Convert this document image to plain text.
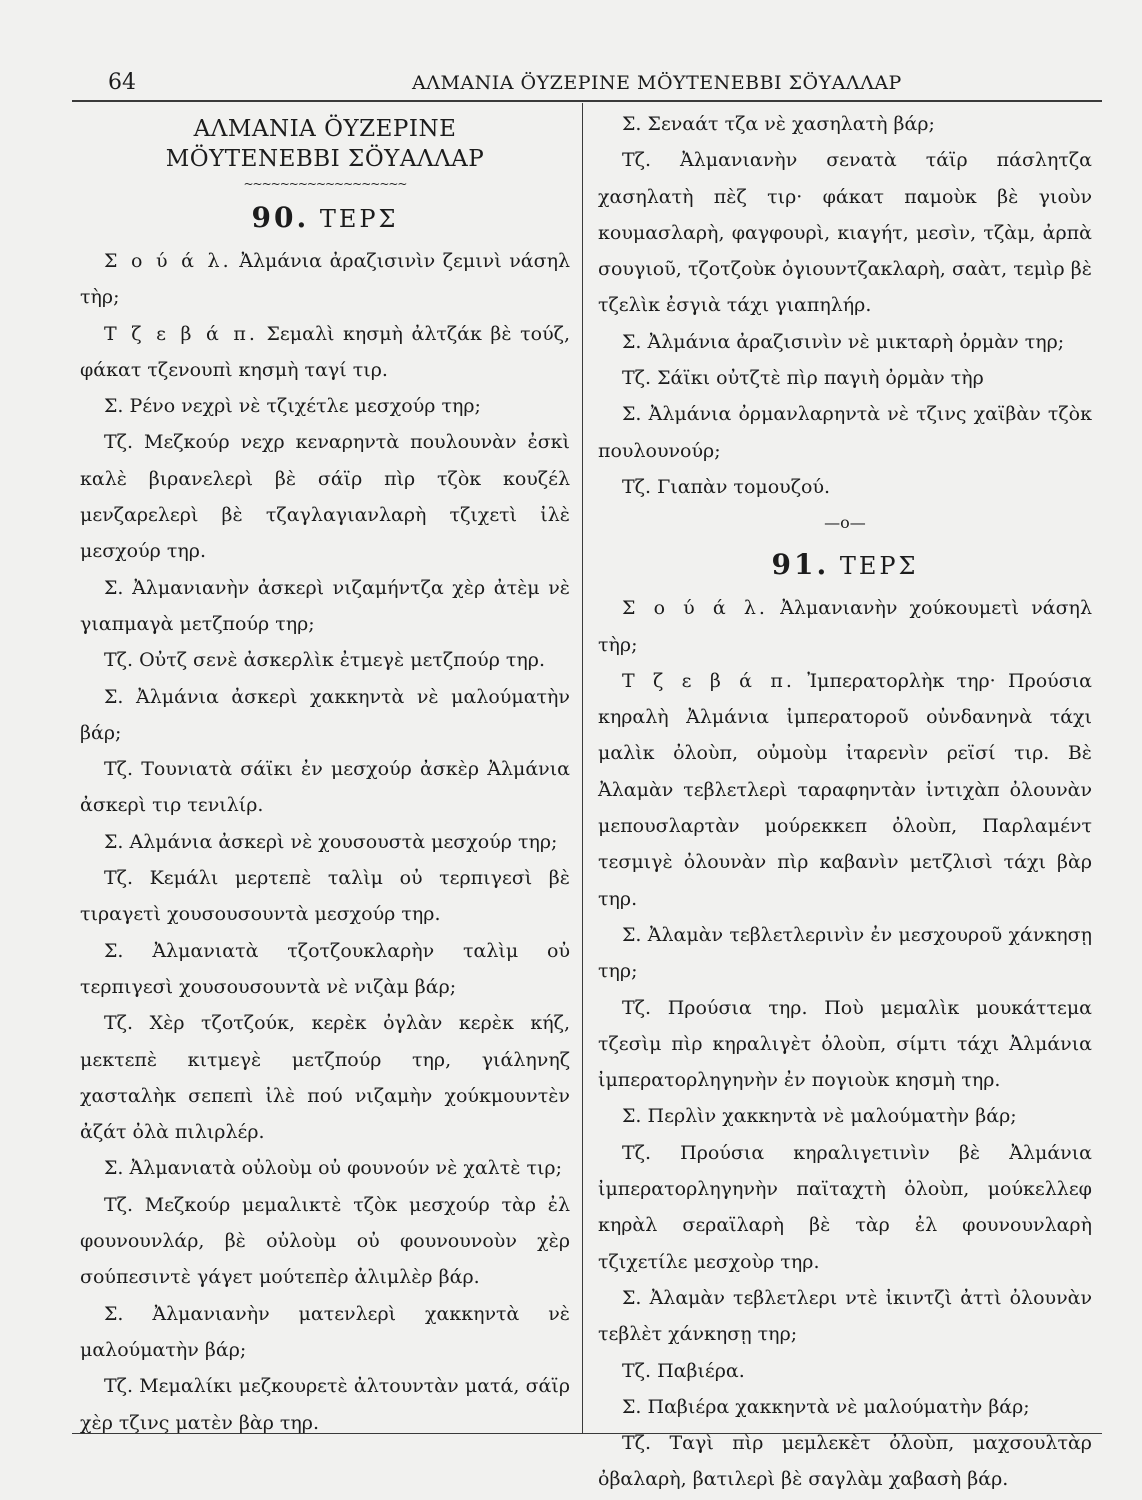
64	ΑΛΜΑΝΙΑ ÖΥΖΕΡΙΝΕ ΜÖΥΤΕΝΕΒΒΙ ΣÖΥΑΛΛΑΡ
ΑΛΜΑΝΙΑ ÖΥΖΕΡΙΝΕ
ΜÖΥΤΕΝΕΒΒΙ ΣÖΥΑΛΛΑΡ
~~~~~~~~~~~~~~~~~~
90. ΤΕΡΣ

Σ ο ύ ά λ. Ἀλμάνια ἀραζισινὶν ζεμινὶ νάσηλ τὴρ;

Τ ζ ε β ά π. Σεμαλὶ κησμὴ ἀλτζάκ βὲ τούζ, φάκατ τζενουπὶ κησμὴ ταγί τιρ.

Σ. Ρένο νεχρὶ νὲ τζιχέτλε μεσχούρ τηρ;

Τζ. Μεζκούρ νεχρ κεναρηντὰ πουλουνὰν ἐσκὶ καλὲ βιρανελερὶ βὲ σάϊρ πὶρ τζὸκ κουζέλ μενζαρελερὶ βὲ τζαγλαγιανλαρὴ τζιχετὶ ἰλὲ μεσχούρ τηρ.

Σ. Ἀλμανιανὴν ἀσκερὶ νιζαμήντζα χὲρ ἀτὲμ νὲ γιαπμαγὰ μετζπούρ τηρ;

Τζ. Οὐτζ σενὲ ἀσκερλὶκ ἐτμεγὲ μετζπούρ τηρ.

Σ. Ἀλμάνια ἀσκερὶ χακκηντὰ νὲ μαλούματὴν βάρ;

Τζ. Τουνιατὰ σάϊκι ἐν μεσχούρ ἀσκὲρ Ἀλμάνια ἀσκερὶ τιρ τενιλίρ.

Σ. Αλμάνια ἀσκερὶ νὲ χουσουστὰ μεσχούρ τηρ;

Τζ. Κεμάλι μερτεπὲ ταλὶμ οὐ τερπιγεσὶ βὲ τιραγετὶ χουσουσουντὰ μεσχούρ τηρ.

Σ. Ἀλμανιατὰ τζοτζουκλαρὴν ταλὶμ οὐ τερπιγεσὶ χουσουσουντὰ νὲ νιζὰμ βάρ;

Τζ. Χὲρ τζοτζούκ, κερὲκ ὀγλὰν κερὲκ κήζ, μεκτεπὲ κιτμεγὲ μετζπούρ τηρ, γιάληνηζ χασταλὴκ σεπεπὶ ἰλὲ πού νιζαμὴν χούκμουντὲν ἀζάτ ὀλὰ πιλιρλέρ.

Σ. Ἀλμανιατὰ οὐλοὺμ οὐ φουνούν νὲ χαλτὲ τιρ;

Τζ. Μεζκούρ μεμαλικτὲ τζὸκ μεσχούρ τὰρ ἐλ φουνουνλάρ, βὲ οὐλοὺμ οὐ φουνουνοὺν χὲρ σούπεσιντὲ γάγετ μούτεπὲρ ἀλιμλὲρ βάρ.

Σ. Ἀλμανιανὴν ματενλερὶ χακκηντὰ νὲ μαλούματὴν βάρ;

Τζ. Μεμαλίκι μεζκουρετὲ ἀλτουντὰν ματά, σάϊρ χὲρ τζινς ματὲν βὰρ τηρ.

Σ. Σεναάτ τζα νὲ χασηλατὴ βάρ;

Τζ. Ἀλμανιανὴν σενατὰ τάϊρ πάσλητζα χασηλατὴ πὲζ τιρ· φάκατ παμοὺκ βὲ γιοὺν κουμασλαρὴ, φαγφουρὶ, κιαγήτ, μεσὶν, τζὰμ, ἀρπὰ σουγιοῦ, τζοτζοὺκ ὀγιουντζακλαρὴ, σαὰτ, τεμὶρ βὲ τζελὶκ ἐσγιὰ τάχι γιαπηλήρ.

Σ. Ἀλμάνια ἀραζισινὶν νὲ μικταρὴ ὀρμὰν τηρ;

Τζ. Σάϊκι οὐτζτὲ πὶρ παγιὴ ὀρμὰν τὴρ

Σ. Ἀλμάνια ὀρμανλαρηντὰ νὲ τζινς χαϊβὰν τζὸκ πουλουνούρ;

Τζ. Γιαπὰν τομουζού.

—o—
91. ΤΕΡΣ

Σ ο ύ ά λ. Ἀλμανιανὴν χούκουμετὶ νάσηλ τὴρ;

Τ ζ ε β ά π. Ἰμπερατορλὴκ τηρ· Προύσια κηραλὴ Ἀλμάνια ἰμπερατοροῦ οὐνδανηνὰ τάχι μαλὶκ ὀλοὺπ, οὐμοὺμ ἰταρενὶν ρεϊσί τιρ. Βὲ Ἀλαμὰν τεβλετλερὶ ταραφηντὰν ἰντιχὰπ ὀλουνὰν μεπουσλαρτὰν μούρεκκεπ ὀλοὺπ, Παρλαμέντ τεσμιγὲ ὀλουνὰν πὶρ καβανὶν μετζλισὶ τάχι βὰρ τηρ.

Σ. Ἀλαμὰν τεβλετλερινὶν ἐν μεσχουροῦ χάνκησῃ τηρ;

Τζ. Προύσια τηρ. Ποὺ μεμαλὶκ μουκάττεμα τζεσὶμ πὶρ κηραλιγὲτ ὀλοὺπ, σίμτι τάχι Ἀλμάνια ἰμπερατορληγηνὴν ἐν πογιοὺκ κησμὴ τηρ.

Σ. Περλὶν χακκηντὰ νὲ μαλούματὴν βάρ;

Τζ. Προύσια κηραλιγετινὶν βὲ Ἀλμάνια ἰμπερατορληγηνὴν παϊταχτὴ ὀλοὺπ, μούκελλεφ κηρὰλ σεραϊλαρὴ βὲ τὰρ ἐλ φουνουνλαρὴ τζιχετίλε μεσχοὺρ τηρ.

Σ. Ἀλαμὰν τεβλετλερι ντὲ ἰκιντζὶ ἀττὶ ὀλουνὰν τεβλὲτ χάνκησῃ τηρ;

Τζ. Παβιέρα.

Σ. Παβιέρα χακκηντὰ νὲ μαλούματὴν βάρ;

Τζ. Ταγὶ πὶρ μεμλεκὲτ ὀλοὺπ, μαχσουλτὰρ ὀβαλαρὴ, βατιλερὶ βὲ σαγλὰμ χαβασὴ βάρ.
